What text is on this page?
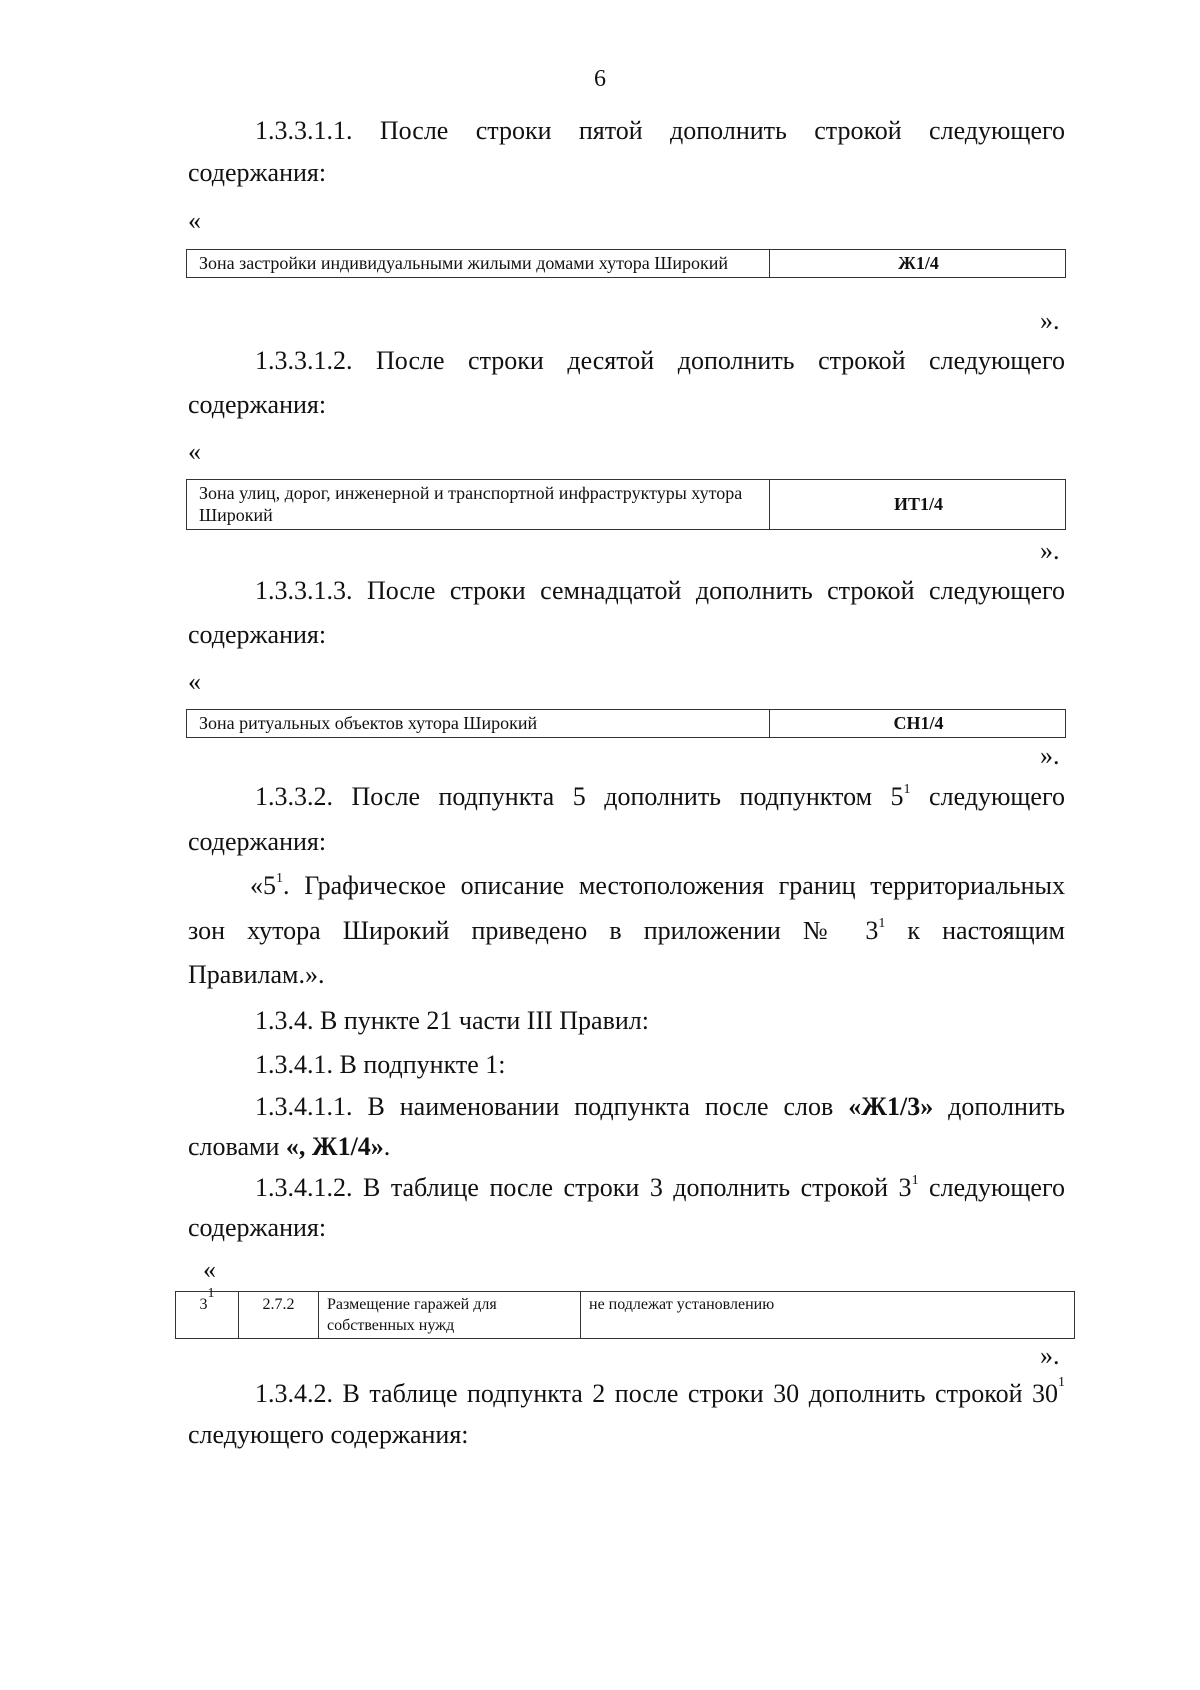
6
1.3.3.1.1. После строки пятой дополнить строкой следующего
содержания:
«
Зона застройки индивидуальными жилыми домами хутора Широкий	Ж1/4
».
1.3.3.1.2. После строки десятой дополнить строкой следующего
содержания:
«
Зона улиц, дорог, инженерной и транспортной инфраструктуры хутора Широкий	ИТ1/4
».
1.3.3.1.3. После строки семнадцатой дополнить строкой следующего
содержания:
«
Зона ритуальных объектов хутора Широкий	СН1/4
».
1.3.3.2. После подпункта 5 дополнить подпунктом $5^1$ следующего
содержания:
«$5^1$. Графическое описание местоположения границ территориальных
зон хутора Широкий приведено в приложении № $3^1$ к настоящим
Правилам.».
1.3.4. В пункте 21 части III Правил:
1.3.4.1. В подпункте 1:
1.3.4.1.1. В наименовании подпункта после слов «Ж1/3» дополнить
словами «, Ж1/4».
1.3.4.1.2. В таблице после строки 3 дополнить строкой $3^1$ следующего
содержания:
«
$3^1$	2.7.2	Размещение гаражей для собственных нужд	не подлежат установлению
».
1.3.4.2. В таблице подпункта 2 после строки 30 дополнить строкой 30 1
следующего содержания:
